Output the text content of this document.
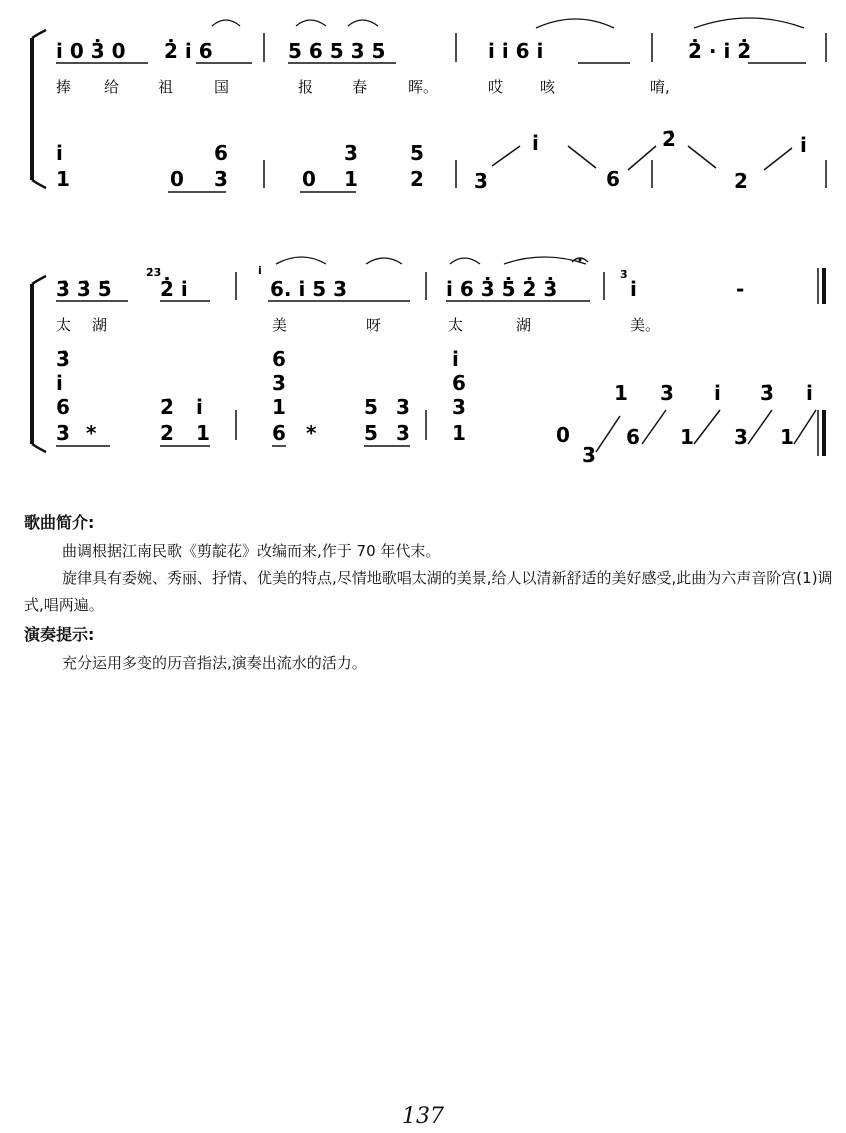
i̇ 0 3̇ 0 2̇ i̇ 6	5 6 5 3 5	i̇ i̇ 6 i̇	2̇ · i̇ 2̇
捧 给	祖	国	报	春	晖。	哎 咳	唷,
i̇	6	3	5	i̇	2̇	i̇
1	0 3	0 1	2	3	6	2
3̇ 3̇ 5̇
2̇3̇
2̇ i̇
i̇
6. i̇ 5 3	i̇ 6 3̇ 5̇ 2̇ 3̇
3̇
i̇	-
太 湖	美	呀	太	湖	美。
3̇	6	i̇
i̇	3	6
6	2̇ i̇	1	5 3 3
3 *	2 1	6 * 5 3 1	0
1 3 i̇ 3̇ i̇
3
6 1 3 1
歌曲简介:
曲调根据江南民歌《剪靛花》改编而来,作于 70 年代末。
旋律具有委婉、秀丽、抒情、优美的特点,尽情地歌唱太湖的美景,给人以清新舒适的美好感受,此曲为六声音阶宫(1)调式,唱两遍。
演奏提示:
充分运用多变的历音指法,演奏出流水的活力。
137
